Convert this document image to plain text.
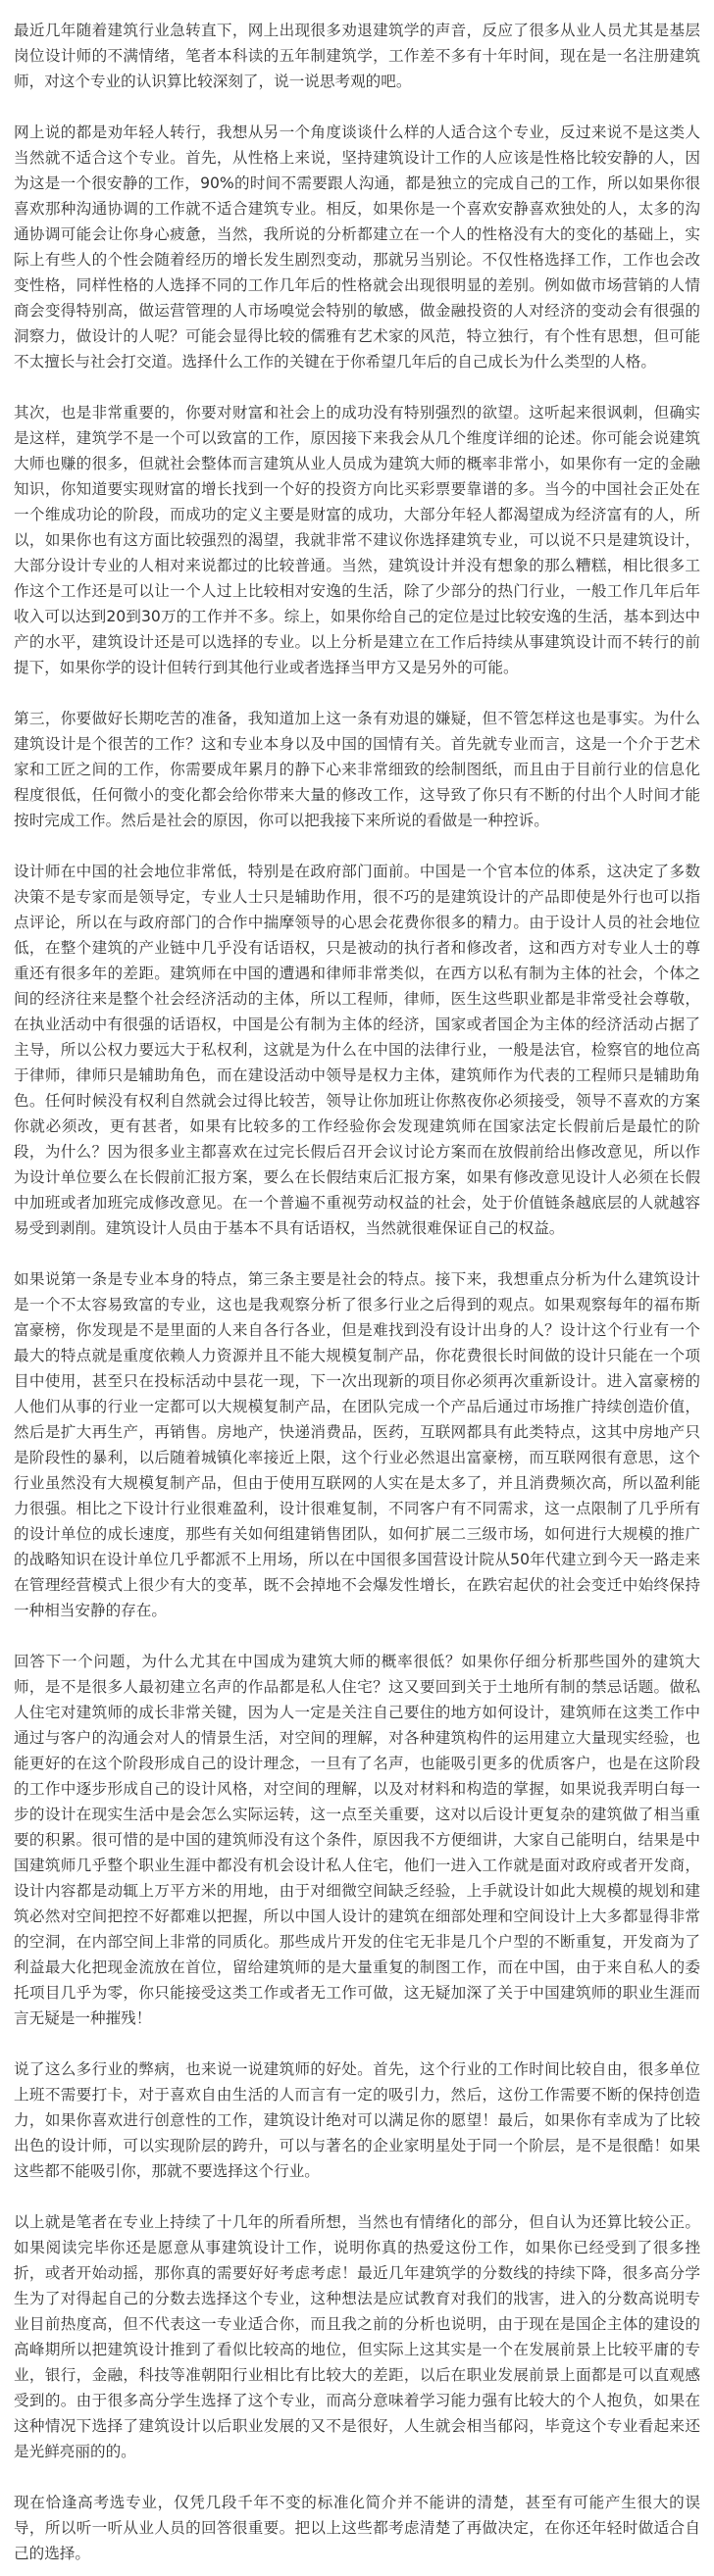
最近几年随着建筑行业急转直下，网上出现很多劝退建筑学的声音，反应了很多从业人员尤其是基层岗位设计师的不满情绪，笔者本科读的五年制建筑学，工作差不多有十年时间，现在是一名注册建筑师，对这个专业的认识算比较深刻了，说一说思考观的吧。

网上说的都是劝年轻人转行，我想从另一个角度谈谈什么样的人适合这个专业，反过来说不是这类人当然就不适合这个专业。首先，从性格上来说，坚持建筑设计工作的人应该是性格比较安静的人，因为这是一个很安静的工作，90%的时间不需要跟人沟通，都是独立的完成自己的工作，所以如果你很喜欢那种沟通协调的工作就不适合建筑专业。相反，如果你是一个喜欢安静喜欢独处的人，太多的沟通协调可能会让你身心疲惫，当然，我所说的分析都建立在一个人的性格没有大的变化的基础上，实际上有些人的个性会随着经历的增长发生剧烈变动，那就另当别论。不仅性格选择工作，工作也会改变性格，同样性格的人选择不同的工作几年后的性格就会出现很明显的差别。例如做市场营销的人情商会变得特别高，做运营管理的人市场嗅觉会特别的敏感，做金融投资的人对经济的变动会有很强的洞察力，做设计的人呢？可能会显得比较的儒雅有艺术家的风范，特立独行，有个性有思想，但可能不太擅长与社会打交道。选择什么工作的关键在于你希望几年后的自己成长为什么类型的人格。

其次，也是非常重要的，你要对财富和社会上的成功没有特别强烈的欲望。这听起来很讽刺，但确实是这样，建筑学不是一个可以致富的工作，原因接下来我会从几个维度详细的论述。你可能会说建筑大师也赚的很多，但就社会整体而言建筑从业人员成为建筑大师的概率非常小，如果你有一定的金融知识，你知道要实现财富的增长找到一个好的投资方向比买彩票要靠谱的多。当今的中国社会正处在一个维成功论的阶段，而成功的定义主要是财富的成功，大部分年轻人都渴望成为经济富有的人，所以，如果你也有这方面比较强烈的渴望，我就非常不建议你选择建筑专业，可以说不只是建筑设计，大部分设计专业的人相对来说都过的比较普通。当然，建筑设计并没有想象的那么糟糕，相比很多工作这个工作还是可以让一个人过上比较相对安逸的生活，除了少部分的热门行业，一般工作几年后年收入可以达到20到30万的工作并不多。综上，如果你给自己的定位是过比较安逸的生活，基本到达中产的水平，建筑设计还是可以选择的专业。以上分析是建立在工作后持续从事建筑设计而不转行的前提下，如果你学的设计但转行到其他行业或者选择当甲方又是另外的可能。

第三，你要做好长期吃苦的准备，我知道加上这一条有劝退的嫌疑，但不管怎样这也是事实。为什么建筑设计是个很苦的工作？这和专业本身以及中国的国情有关。首先就专业而言，这是一个介于艺术家和工匠之间的工作，你需要成年累月的静下心来非常细致的绘制图纸，而且由于目前行业的信息化程度很低，任何微小的变化都会给你带来大量的修改工作，这导致了你只有不断的付出个人时间才能按时完成工作。然后是社会的原因，你可以把我接下来所说的看做是一种控诉。

设计师在中国的社会地位非常低，特别是在政府部门面前。中国是一个官本位的体系，这决定了多数决策不是专家而是领导定，专业人士只是辅助作用，很不巧的是建筑设计的产品即使是外行也可以指点评论，所以在与政府部门的合作中揣摩领导的心思会花费你很多的精力。由于设计人员的社会地位低，在整个建筑的产业链中几乎没有话语权，只是被动的执行者和修改者，这和西方对专业人士的尊重还有很多年的差距。建筑师在中国的遭遇和律师非常类似，在西方以私有制为主体的社会，个体之间的经济往来是整个社会经济活动的主体，所以工程师，律师，医生这些职业都是非常受社会尊敬，在执业活动中有很强的话语权，中国是公有制为主体的经济，国家或者国企为主体的经济活动占据了主导，所以公权力要远大于私权利，这就是为什么在中国的法律行业，一般是法官，检察官的地位高于律师，律师只是辅助角色，而在建设活动中领导是权力主体，建筑师作为代表的工程师只是辅助角色。任何时候没有权利自然就会过得比较苦，领导让你加班让你熬夜你必须接受，领导不喜欢的方案你就必须改，更有甚者，如果有比较多的工作经验你会发现建筑师在国家法定长假前后是最忙的阶段，为什么？因为很多业主都喜欢在过完长假后召开会议讨论方案而在放假前给出修改意见，所以作为设计单位要么在长假前汇报方案，要么在长假结束后汇报方案，如果有修改意见设计人必须在长假中加班或者加班完成修改意见。在一个普遍不重视劳动权益的社会，处于价值链条越底层的人就越容易受到剥削。建筑设计人员由于基本不具有话语权，当然就很难保证自己的权益。

如果说第一条是专业本身的特点，第三条主要是社会的特点。接下来，我想重点分析为什么建筑设计是一个不太容易致富的专业，这也是我观察分析了很多行业之后得到的观点。如果观察每年的福布斯富豪榜，你发现是不是里面的人来自各行各业，但是难找到没有设计出身的人？设计这个行业有一个最大的特点就是重度依赖人力资源并且不能大规模复制产品，你花费很长时间做的设计只能在一个项目中使用，甚至只在投标活动中昙花一现，下一次出现新的项目你必须再次重新设计。进入富豪榜的人他们从事的行业一定都可以大规模复制产品，在团队完成一个产品后通过市场推广持续创造价值，然后是扩大再生产，再销售。房地产，快递消费品，医药，互联网都具有此类特点，这其中房地产只是阶段性的暴利，以后随着城镇化率接近上限，这个行业必然退出富豪榜，而互联网很有意思，这个行业虽然没有大规模复制产品，但由于使用互联网的人实在是太多了，并且消费频次高，所以盈利能力很强。相比之下设计行业很难盈利，设计很难复制，不同客户有不同需求，这一点限制了几乎所有的设计单位的成长速度，那些有关如何组建销售团队，如何扩展二三级市场，如何进行大规模的推广的战略知识在设计单位几乎都派不上用场，所以在中国很多国营设计院从50年代建立到今天一路走来在管理经营模式上很少有大的变革，既不会掉地不会爆发性增长，在跌宕起伏的社会变迁中始终保持一种相当安静的存在。

回答下一个问题，为什么尤其在中国成为建筑大师的概率很低？如果你仔细分析那些国外的建筑大师，是不是很多人最初建立名声的作品都是私人住宅？这又要回到关于土地所有制的禁忌话题。做私人住宅对建筑师的成长非常关键，因为人一定是关注自己要住的地方如何设计，建筑师在这类工作中通过与客户的沟通会对人的情景生活，对空间的理解，对各种建筑构件的运用建立大量现实经验，也能更好的在这个阶段形成自己的设计理念，一旦有了名声，也能吸引更多的优质客户，也是在这阶段的工作中逐步形成自己的设计风格，对空间的理解，以及对材料和构造的掌握，如果说我弄明白每一步的设计在现实生活中是会怎么实际运转，这一点至关重要，这对以后设计更复杂的建筑做了相当重要的积累。很可惜的是中国的建筑师没有这个条件，原因我不方便细讲，大家自己能明白，结果是中国建筑师几乎整个职业生涯中都没有机会设计私人住宅，他们一进入工作就是面对政府或者开发商，设计内容都是动辄上万平方米的用地，由于对细微空间缺乏经验，上手就设计如此大规模的规划和建筑必然对空间把控不好都难以把握，所以中国人设计的建筑在细部处理和空间设计上大多都显得非常的空洞，在内部空间上非常的同质化。那些成片开发的住宅无非是几个户型的不断重复，开发商为了利益最大化把现金流放在首位，留给建筑师的是大量重复的制图工作，而在中国，由于来自私人的委托项目几乎为零，你只能接受这类工作或者无工作可做，这无疑加深了关于中国建筑师的职业生涯而言无疑是一种摧残！

说了这么多行业的弊病，也来说一说建筑师的好处。首先，这个行业的工作时间比较自由，很多单位上班不需要打卡，对于喜欢自由生活的人而言有一定的吸引力，然后，这份工作需要不断的保持创造力，如果你喜欢进行创意性的工作，建筑设计绝对可以满足你的愿望！最后，如果你有幸成为了比较出色的设计师，可以实现阶层的跨升，可以与著名的企业家明星处于同一个阶层，是不是很酷！如果这些都不能吸引你，那就不要选择这个行业。

以上就是笔者在专业上持续了十几年的所看所想，当然也有情绪化的部分，但自认为还算比较公正。如果阅读完毕你还是愿意从事建筑设计工作，说明你真的热爱这份工作，如果你已经受到了很多挫折，或者开始动摇，那你真的需要好好考虑考虑！最近几年建筑学的分数线的持续下降，很多高分学生为了对得起自己的分数去选择这个专业，这种想法是应试教育对我们的戕害，进入的分数高说明专业目前热度高，但不代表这一专业适合你，而且我之前的分析也说明，由于现在是国企主体的建设的高峰期所以把建筑设计推到了看似比较高的地位，但实际上这其实是一个在发展前景上比较平庸的专业，银行，金融，科技等准朝阳行业相比有比较大的差距，以后在职业发展前景上面都是可以直观感受到的。由于很多高分学生选择了这个专业，而高分意味着学习能力强有比较大的个人抱负，如果在这种情况下选择了建筑设计以后职业发展的又不是很好，人生就会相当郁闷，毕竟这个专业看起来还是光鲜亮丽的的。

现在恰逢高考选专业，仅凭几段千年不变的标准化简介并不能讲的清楚，甚至有可能产生很大的误导，所以听一听从业人员的回答很重要。把以上这些都考虑清楚了再做决定，在你还年轻时做适合自己的选择。
